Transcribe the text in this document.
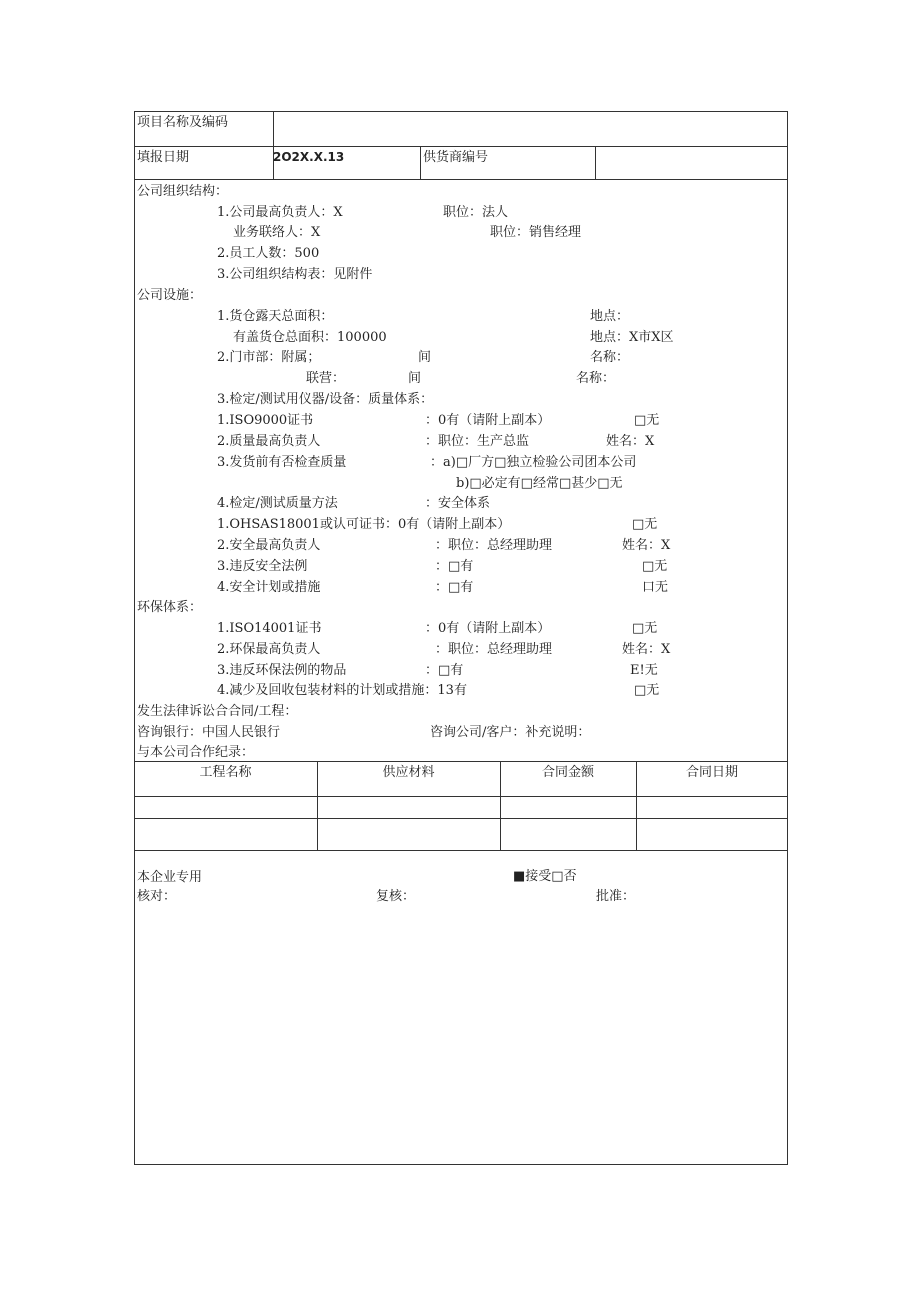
项目名称及编码
填报日期	2O2X.X.13	供货商编号
公司组织结构：
1.公司最高负责人：X	职位：法人
业务联络人：X	职位：销售经理
2.员工人数：500
3.公司组织结构表：见附件
公司设施：
1.货仓露天总面积：	地点：
有盖货仓总面积：100000	地点：X市X区
2.门市部：附属；	间	名称：
联营：	间	名称：
3.检定/测试用仪器/设备：质量体系：
1.ISO9000证书	：0有（请附上副本）	□无
2.质量最高负责人	：职位：生产总监	姓名：X
3.发货前有否检查质量	：a)□厂方□独立检验公司团本公司
b)□必定有□经常□甚少□无
4.检定/测试质量方法	：安全体系
1.OHSAS18001或认可证书：0有（请附上副本）	□无
2.安全最高负责人	：职位：总经理助理	姓名：X
3.违反安全法例	：□有	□无
4.安全计划或措施	：□有	口无
环保体系：
1.ISO14001证书	：0有（请附上副本）	□无
2.环保最高负责人	：职位：总经理助理	姓名：X
3.违反环保法例的物品	：□有	E!无
4.减少及回收包装材料的计划或措施：13有	□无
发生法律诉讼合合同/工程：
咨询银行：中国人民银行	咨询公司/客户：补充说明：
与本公司合作纪录：
工程名称	供应材料	合同金额	合同日期
本企业专用	■接受□否
核对：	复核：	批准：
